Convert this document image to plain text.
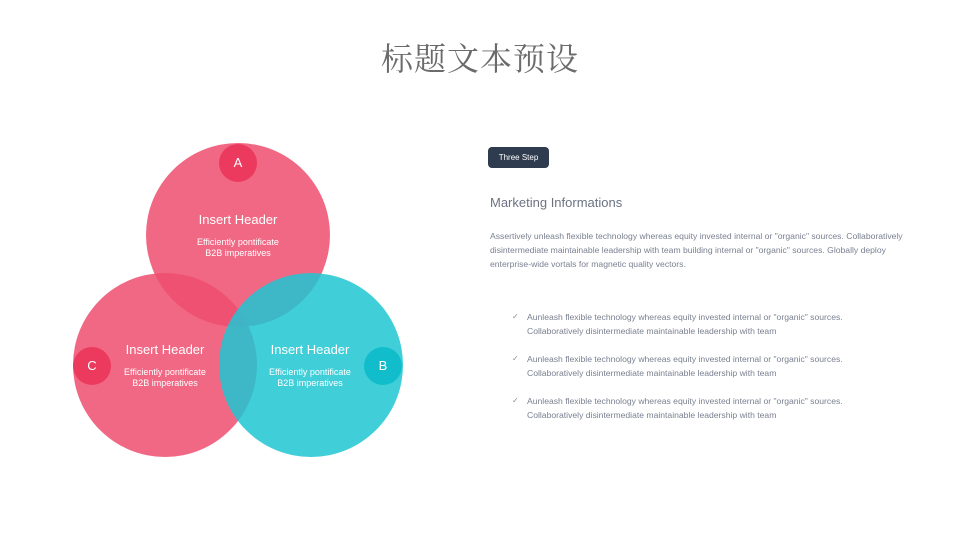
标题文本预设
A
B
C
Insert Header
Efficiently pontificate
B2B imperatives
Insert Header
Efficiently pontificate
B2B imperatives
Insert Header
Efficiently pontificate
B2B imperatives
Three Step
Marketing Informations
Assertively unleash flexible technology whereas equity invested internal or "organic" sources. Collaboratively disintermediate maintainable leadership with team building internal or "organic" sources. Globally deploy enterprise-wide vortals for magnetic quality vectors.
✓ Aunleash flexible technology whereas equity invested internal or "organic" sources.
Collaboratively disintermediate maintainable leadership with team
✓ Aunleash flexible technology whereas equity invested internal or "organic" sources.
Collaboratively disintermediate maintainable leadership with team
✓ Aunleash flexible technology whereas equity invested internal or "organic" sources.
Collaboratively disintermediate maintainable leadership with team
